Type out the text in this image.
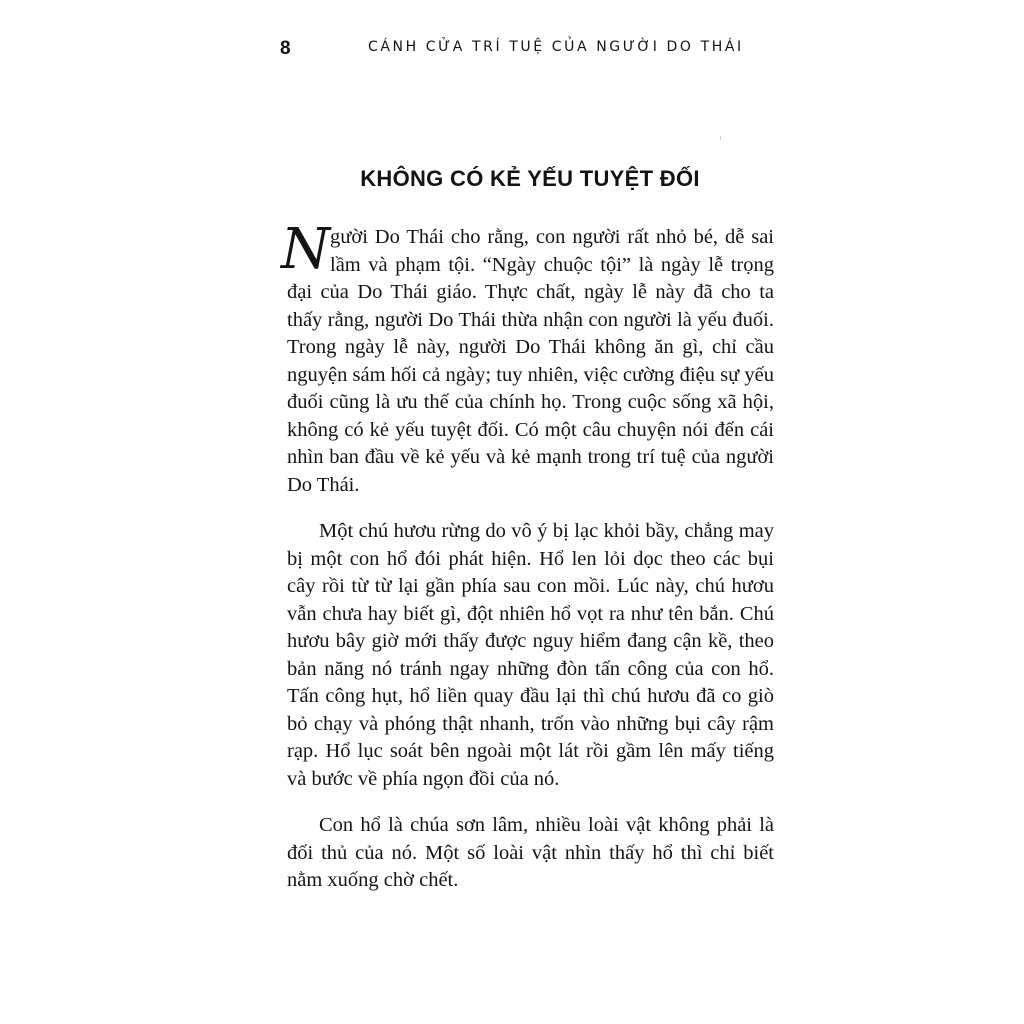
8	CÁNH CỬA TRÍ TUỆ CỦA NGƯỜI DO THÁI
KHÔNG CÓ KẺ YẾU TUYỆT ĐỐI

Người Do Thái cho rằng, con người rất nhỏ bé, dễ sai lầm và phạm tội. “Ngày chuộc tội” là ngày lễ trọng đại của Do Thái giáo. Thực chất, ngày lễ này đã cho ta thấy rằng, người Do Thái thừa nhận con người là yếu đuối. Trong ngày lễ này, người Do Thái không ăn gì, chỉ cầu nguyện sám hối cả ngày; tuy nhiên, việc cường điệu sự yếu đuối cũng là ưu thế của chính họ. Trong cuộc sống xã hội, không có kẻ yếu tuyệt đối. Có một câu chuyện nói đến cái nhìn ban đầu về kẻ yếu và kẻ mạnh trong trí tuệ của người Do Thái.

Một chú hươu rừng do vô ý bị lạc khỏi bầy, chẳng may bị một con hổ đói phát hiện. Hổ len lỏi dọc theo các bụi cây rồi từ từ lại gần phía sau con mồi. Lúc này, chú hươu vẫn chưa hay biết gì, đột nhiên hổ vọt ra như tên bắn. Chú hươu bây giờ mới thấy được nguy hiểm đang cận kề, theo bản năng nó tránh ngay những đòn tấn công của con hổ. Tấn công hụt, hổ liền quay đầu lại thì chú hươu đã co giò bỏ chạy và phóng thật nhanh, trốn vào những bụi cây rậm rạp. Hổ lục soát bên ngoài một lát rồi gầm lên mấy tiếng và bước về phía ngọn đồi của nó.

Con hổ là chúa sơn lâm, nhiều loài vật không phải là đối thủ của nó. Một số loài vật nhìn thấy hổ thì chỉ biết nằm xuống chờ chết.
